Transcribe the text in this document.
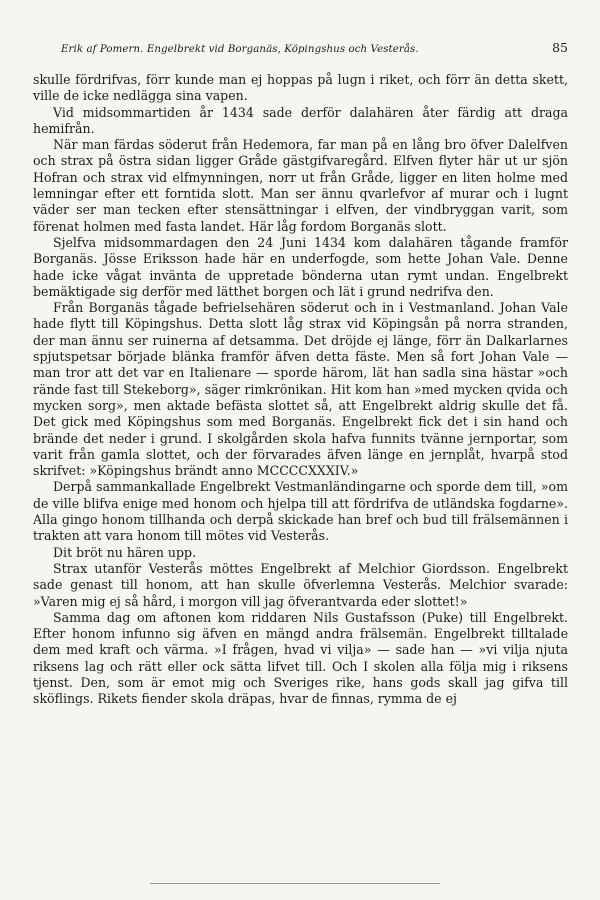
Erik af Pomern. Engelbrekt vid Borganäs, Köpingshus och Vesterås.	85

skulle fördrifvas, förr kunde man ej hoppas på lugn i riket, och förr än detta skett, ville de icke nedlägga sina vapen.

Vid midsommartiden år 1434 sade derför dalahären åter färdig att draga hemifrån.

När man färdas söderut från Hedemora, far man på en lång bro öfver Dalelfven och strax på östra sidan ligger Gråde gästgifvaregård. Elfven flyter här ut ur sjön Hofran och strax vid elfmynningen, norr ut från Gråde, ligger en liten holme med lemningar efter ett forntida slott. Man ser ännu qvarlefvor af murar och i lugnt väder ser man tecken efter stensättningar i elfven, der vindbryggan varit, som förenat holmen med fasta landet. Här låg fordom Borganäs slott.

Sjelfva midsommardagen den 24 Juni 1434 kom dalahären tågande framför Borganäs. Jösse Eriksson hade här en underfogde, som hette Johan Vale. Denne hade icke vågat invänta de uppretade bönderna utan rymt undan. Engelbrekt bemäktigade sig derför med lätthet borgen och lät i grund nedrifva den.

Från Borganäs tågade befrielsehären söderut och in i Vestmanland. Johan Vale hade flytt till Köpingshus. Detta slott låg strax vid Köpingsån på norra stranden, der man ännu ser ruinerna af detsamma. Det dröjde ej länge, förr än Dalkarlarnes spjutspetsar började blänka framför äfven detta fäste. Men så fort Johan Vale — man tror att det var en Italienare — sporde härom, lät han sadla sina hästar »och rände fast till Stekeborg», säger rimkrönikan. Hit kom han »med mycken qvida och mycken sorg», men aktade befästa slottet så, att Engelbrekt aldrig skulle det få. Det gick med Köpingshus som med Borganäs. Engelbrekt fick det i sin hand och brände det neder i grund. I skolgården skola hafva funnits tvänne jernportar, som varit från gamla slottet, och der förvarades äfven länge en jernplåt, hvarpå stod skrifvet: »Köpingshus brändt anno MCCCCXXXIV.»

Derpå sammankallade Engelbrekt Vestmanländingarne och sporde dem till, »om de ville blifva enige med honom och hjelpa till att fördrifva de utländska fogdarne». Alla gingo honom tillhanda och derpå skickade han bref och bud till frälsemännen i trakten att vara honom till mötes vid Vesterås.

Dit bröt nu hären upp.

Strax utanför Vesterås möttes Engelbrekt af Melchior Giordsson. Engelbrekt sade genast till honom, att han skulle öfverlemna Vesterås. Melchior svarade: »Varen mig ej så hård, i morgon vill jag öfverantvarda eder slottet!»

Samma dag om aftonen kom riddaren Nils Gustafsson (Puke) till Engelbrekt. Efter honom infunno sig äfven en mängd andra frälsemän. Engelbrekt tilltalade dem med kraft och värma. »I frågen, hvad vi vilja» — sade han — »vi vilja njuta riksens lag och rätt eller ock sätta lifvet till. Och I skolen alla följa mig i riksens tjenst. Den, som är emot mig och Sveriges rike, hans gods skall jag gifva till sköflings. Rikets fiender skola dräpas, hvar de finnas, rymma de ej
